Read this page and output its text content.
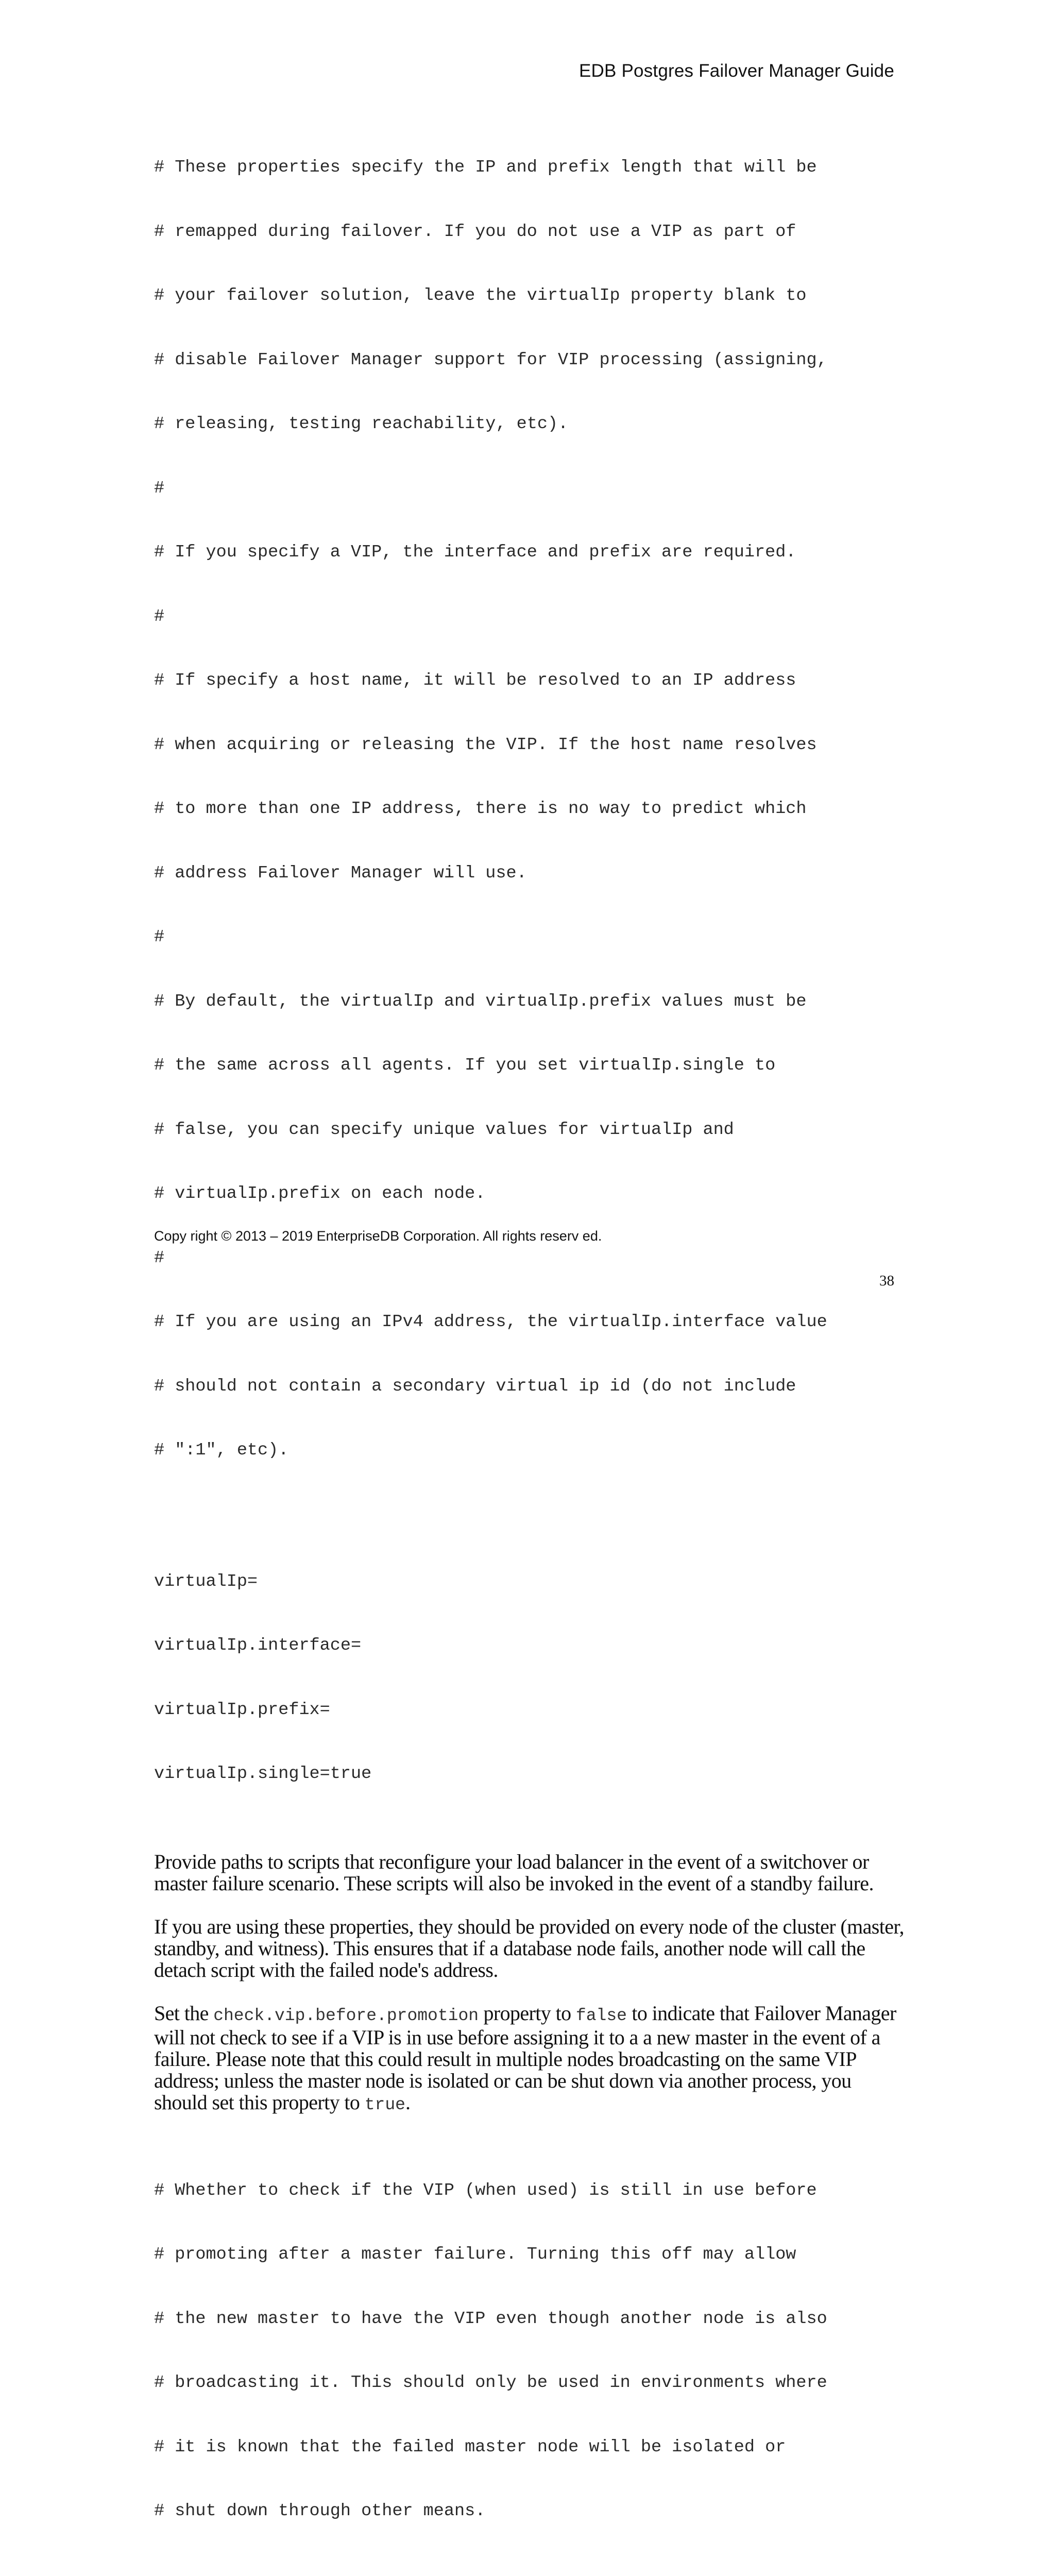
EDB Postgres Failover Manager Guide

# These properties specify the IP and prefix length that will be

# remapped during failover. If you do not use a VIP as part of

# your failover solution, leave the virtualIp property blank to

# disable Failover Manager support for VIP processing (assigning,

# releasing, testing reachability, etc).

#

# If you specify a VIP, the interface and prefix are required.

#

# If specify a host name, it will be resolved to an IP address

# when acquiring or releasing the VIP. If the host name resolves

# to more than one IP address, there is no way to predict which

# address Failover Manager will use.

#

# By default, the virtualIp and virtualIp.prefix values must be

# the same across all agents. If you set virtualIp.single to

# false, you can specify unique values for virtualIp and

# virtualIp.prefix on each node.

#

# If you are using an IPv4 address, the virtualIp.interface value

# should not contain a secondary virtual ip id (do not include

# ":1", etc).

virtualIp=

virtualIp.interface=

virtualIp.prefix=

virtualIp.single=true

Provide paths to scripts that reconfigure your load balancer in the event of a switchover or master failure scenario. These scripts will also be invoked in the event of a standby failure.

If you are using these properties, they should be provided on every node of the cluster (master, standby, and witness). This ensures that if a database node fails, another node will call the detach script with the failed node's address.

Set the check.vip.before.promotion property to false to indicate that Failover Manager will not check to see if a VIP is in use before assigning it to a a new master in the event of a failure. Please note that this could result in multiple nodes broadcasting on the same VIP address; unless the master node is isolated or can be shut down via another process, you should set this property to true.

# Whether to check if the VIP (when used) is still in use before

# promoting after a master failure. Turning this off may allow

# the new master to have the VIP even though another node is also

# broadcasting it. This should only be used in environments where

# it is known that the failed master node will be isolated or

# shut down through other means.

Copy right © 2013 – 2019 EnterpriseDB Corporation. All rights reserv ed.
38
